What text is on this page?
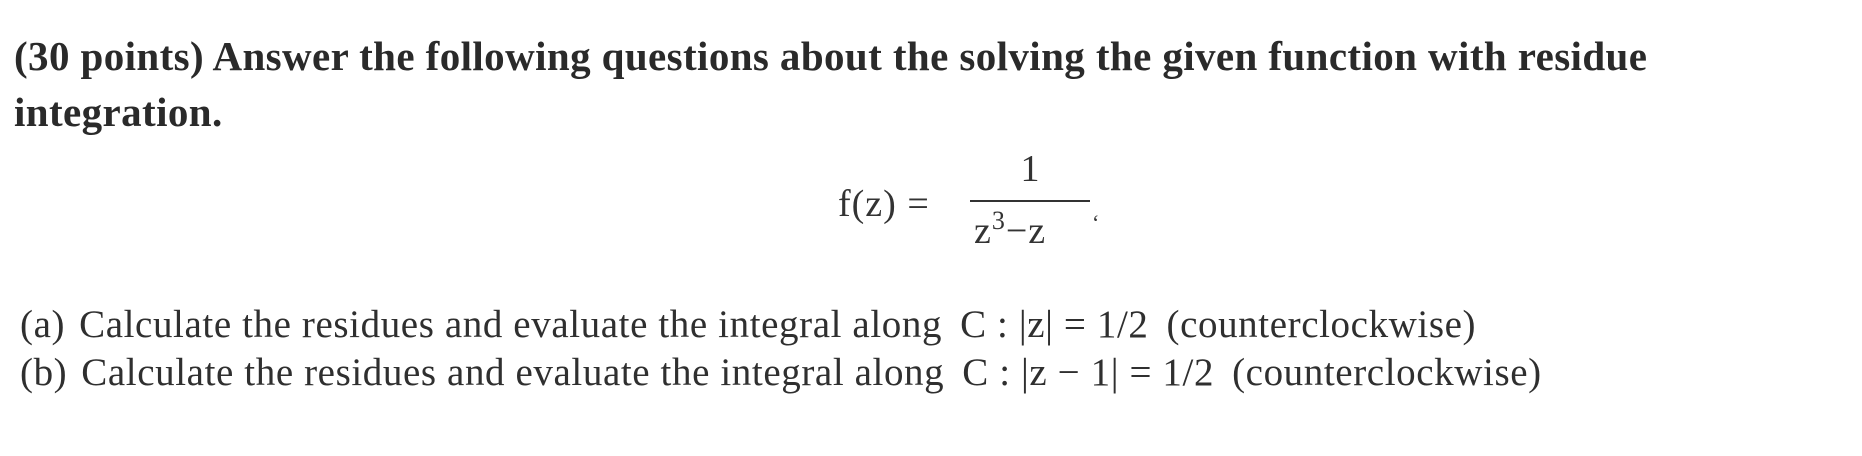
(30 points) Answer the following questions about the solving the given function with residue integration.
f(z) =
1
$z^3-z$ ‘
(a) Calculate the residues and evaluate the integral along C : |z| = 1/2 (counterclockwise)
(b) Calculate the residues and evaluate the integral along C : |z − 1| = 1/2 (counterclockwise)
